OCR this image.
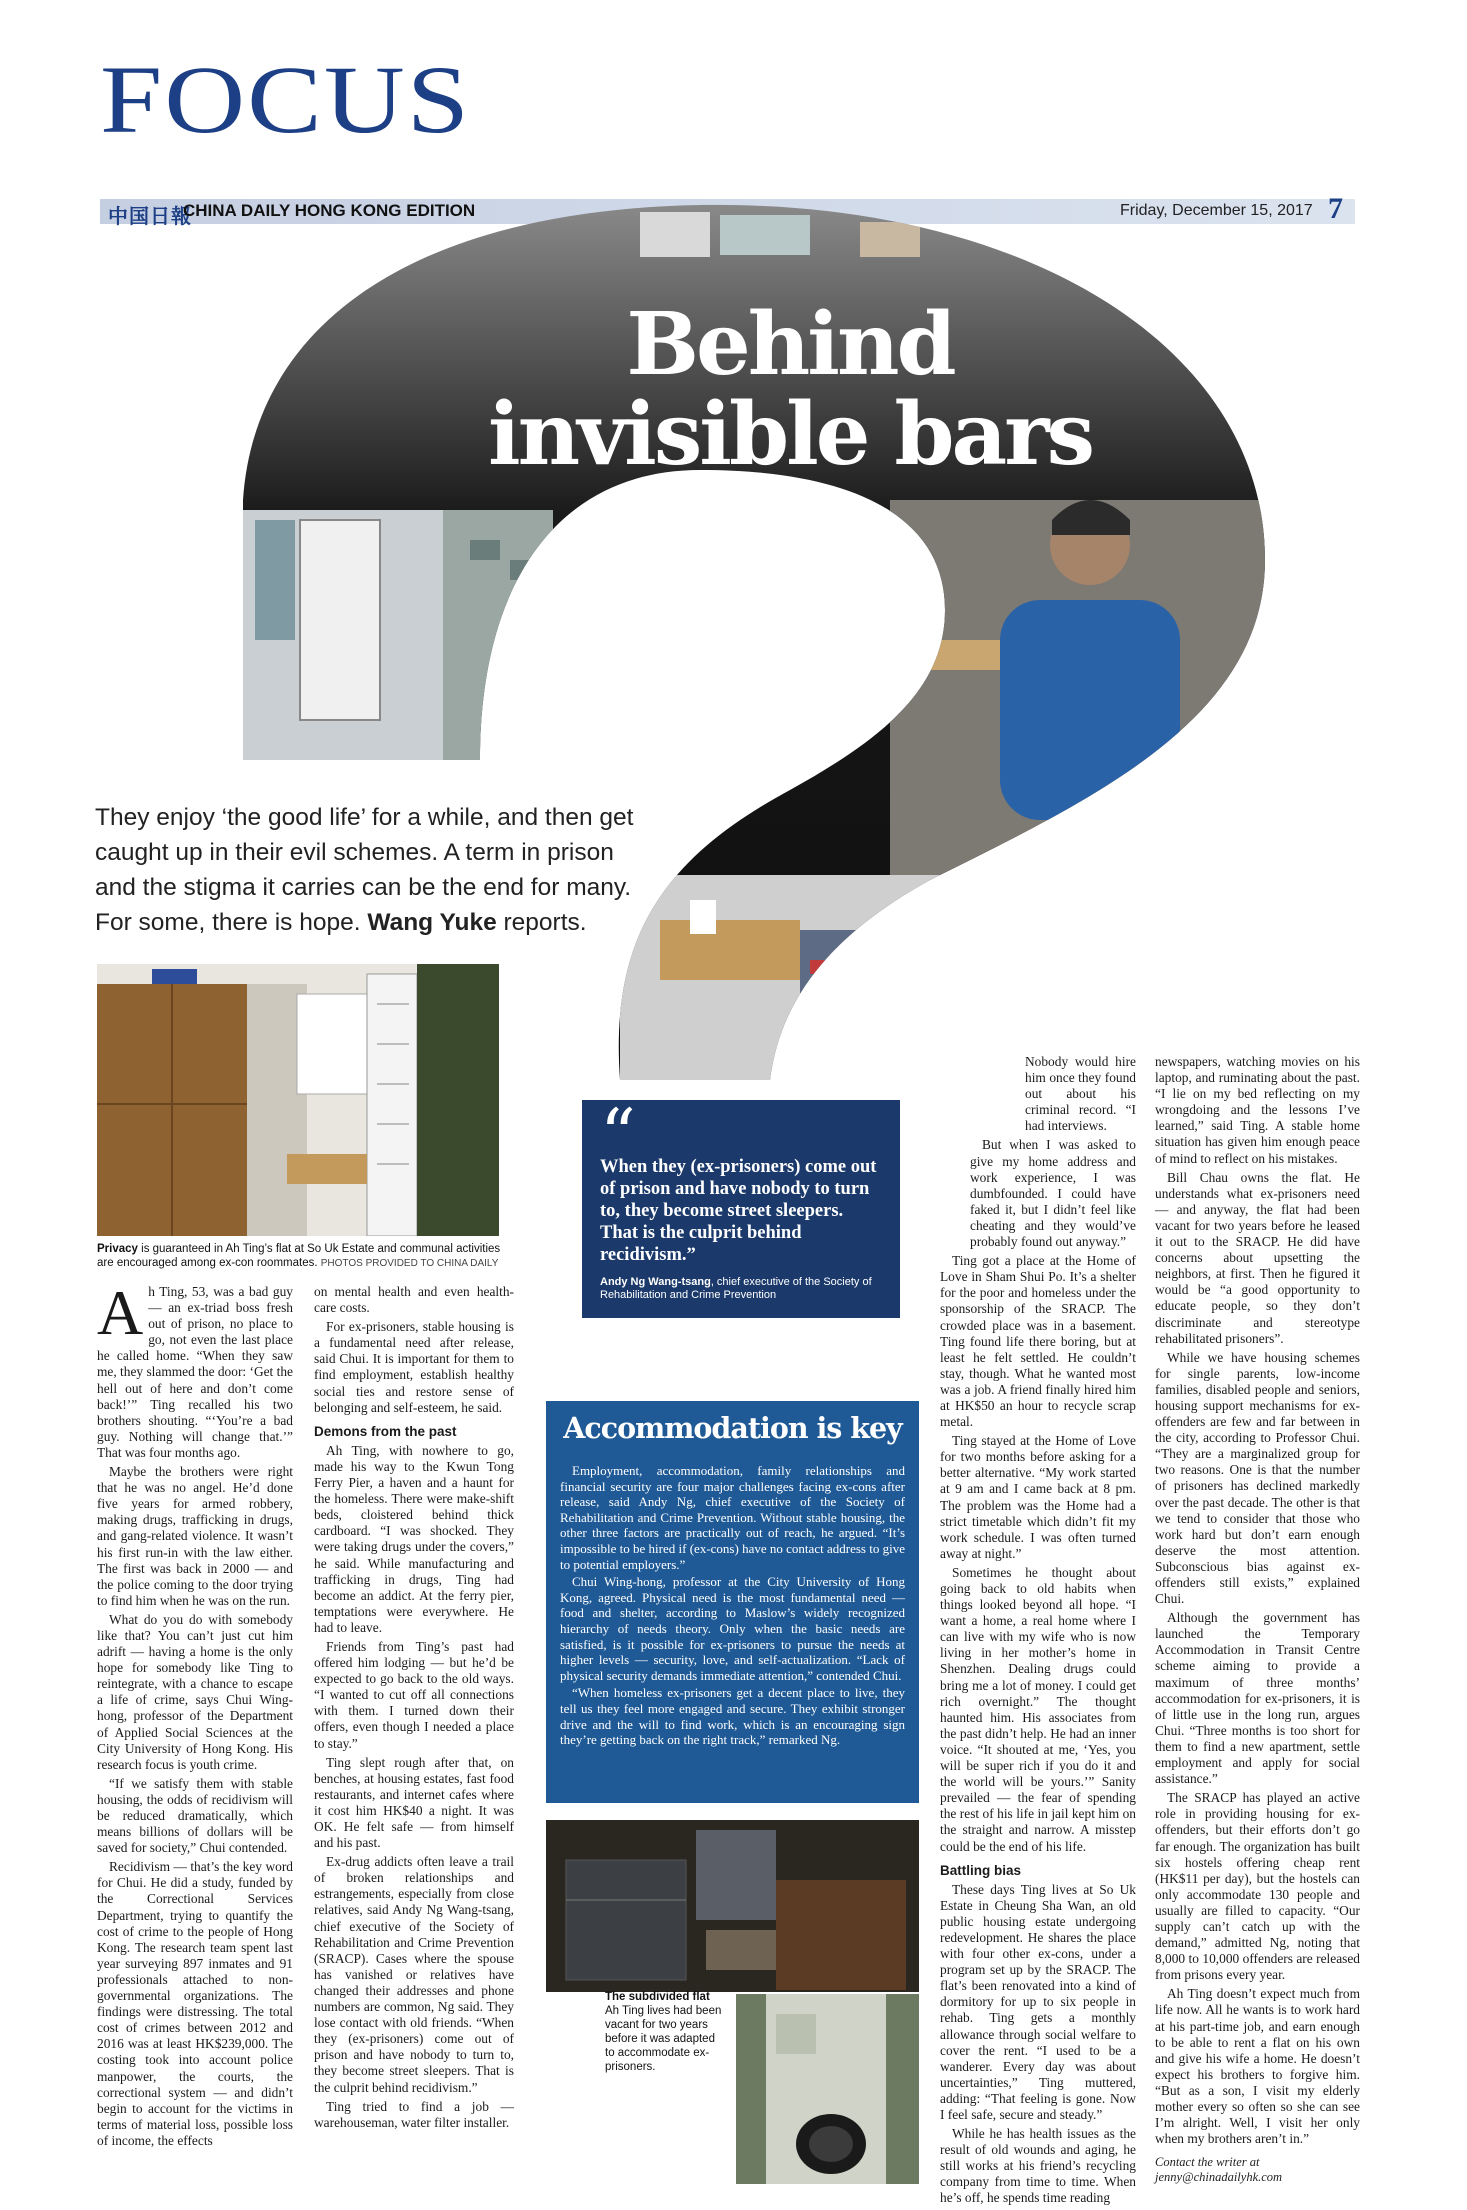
FOCUS
中国日報
CHINA DAILY HONG KONG EDITION	Friday, December 15, 2017 7
Behind
invisible bars
They enjoy ‘the good life’ for a while, and then get caught up in their evil schemes. A term in prison and the stigma it carries can be the end for many. For some, there is hope. Wang Yuke reports.
Privacy is guaranteed in Ah Ting’s flat at So Uk Estate and communal activities are encouraged among ex-con roommates. PHOTOS PROVIDED TO CHINA DAILY
“
When they (ex-prisoners) come out of prison and have nobody to turn to, they become street sleepers. That is the culprit behind recidivism.”
Andy Ng Wang-tsang, chief executive of the Society of Rehabilitation and Crime Prevention

Ah Ting, 53, was a bad guy — an ex-triad boss fresh out of prison, no place to go, not even the last place he called home. “When they saw me, they slammed the door: ‘Get the hell out of here and don’t come back!’” Ting recalled his two brothers shouting. “‘You’re a bad guy. Nothing will change that.’” That was four months ago.

Maybe the brothers were right that he was no angel. He’d done five years for armed robbery, making drugs, trafficking in drugs, and gang-related violence. It wasn’t his first run-in with the law either. The first was back in 2000 — and the police coming to the door trying to find him when he was on the run.

What do you do with somebody like that? You can’t just cut him adrift — having a home is the only hope for somebody like Ting to reintegrate, with a chance to escape a life of crime, says Chui Wing-hong, professor of the Department of Applied Social Sciences at the City University of Hong Kong. His research focus is youth crime.

“If we satisfy them with stable housing, the odds of recidivism will be reduced dramatically, which means billions of dollars will be saved for society,” Chui contended.

Recidivism — that’s the key word for Chui. He did a study, funded by the Correctional Services Department, trying to quantify the cost of crime to the people of Hong Kong. The research team spent last year surveying 897 inmates and 91 professionals attached to non-governmental organizations. The findings were distressing. The total cost of crimes between 2012 and 2016 was at least HK$239,000. The costing took into account police manpower, the courts, the correctional system — and didn’t begin to account for the victims in terms of material loss, possible loss of income, the effects

on mental health and even health-care costs.

For ex-prisoners, stable housing is a fundamental need after release, said Chui. It is important for them to find employment, establish healthy social ties and restore sense of belonging and self-esteem, he said.

Demons from the past

Ah Ting, with nowhere to go, made his way to the Kwun Tong Ferry Pier, a haven and a haunt for the homeless. There were make-shift beds, cloistered behind thick cardboard. “I was shocked. They were taking drugs under the covers,” he said. While manufacturing and trafficking in drugs, Ting had become an addict. At the ferry pier, temptations were everywhere. He had to leave.

Friends from Ting’s past had offered him lodging — but he’d be expected to go back to the old ways. “I wanted to cut off all connections with them. I turned down their offers, even though I needed a place to stay.”

Ting slept rough after that, on benches, at housing estates, fast food restaurants, and internet cafes where it cost him HK$40 a night. It was OK. He felt safe — from himself and his past.

Ex-drug addicts often leave a trail of broken relationships and estrangements, especially from close relatives, said Andy Ng Wang-tsang, chief executive of the Society of Rehabilitation and Crime Prevention (SRACP). Cases where the spouse has vanished or relatives have changed their addresses and phone numbers are common, Ng said. They lose contact with old friends. “When they (ex-prisoners) come out of prison and have nobody to turn to, they become street sleepers. That is the culprit behind recidivism.”

Ting tried to find a job — warehouseman, water filter installer.

Accommodation is key

Employment, accommodation, family relationships and financial security are four major challenges facing ex-cons after release, said Andy Ng, chief executive of the Society of Rehabilitation and Crime Prevention. Without stable housing, the other three factors are practically out of reach, he argued. “It’s impossible to be hired if (ex-cons) have no contact address to give to potential employers.”

Chui Wing-hong, professor at the City University of Hong Kong, agreed. Physical need is the most fundamental need — food and shelter, according to Maslow’s widely recognized hierarchy of needs theory. Only when the basic needs are satisfied, is it possible for ex-prisoners to pursue the needs at higher levels — security, love, and self-actualization. “Lack of physical security demands immediate attention,” contended Chui.

“When homeless ex-prisoners get a decent place to live, they tell us they feel more engaged and secure. They exhibit stronger drive and the will to find work, which is an encouraging sign they’re getting back on the right track,” remarked Ng.

The subdivided flat
Ah Ting lives had been vacant for two years before it was adapted to accommodate ex-prisoners.

Nobody would hire him once they found out about his criminal record. “I had interviews.

But when I was asked to give my home address and work experience, I was dumbfounded. I could have faked it, but I didn’t feel like cheating and they would’ve probably found out anyway.”

Ting got a place at the Home of Love in Sham Shui Po. It’s a shelter for the poor and homeless under the sponsorship of the SRACP. The crowded place was in a basement. Ting found life there boring, but at least he felt settled. He couldn’t stay, though. What he wanted most was a job. A friend finally hired him at HK$50 an hour to recycle scrap metal.

Ting stayed at the Home of Love for two months before asking for a better alternative. “My work started at 9 am and I came back at 8 pm. The problem was the Home had a strict timetable which didn’t fit my work schedule. I was often turned away at night.”

Sometimes he thought about going back to old habits when things looked beyond all hope. “I want a home, a real home where I can live with my wife who is now living in her mother’s home in Shenzhen. Dealing drugs could bring me a lot of money. I could get rich overnight.” The thought haunted him. His associates from the past didn’t help. He had an inner voice. “It shouted at me, ‘Yes, you will be super rich if you do it and the world will be yours.’” Sanity prevailed — the fear of spending the rest of his life in jail kept him on the straight and narrow. A misstep could be the end of his life.

Battling bias

These days Ting lives at So Uk Estate in Cheung Sha Wan, an old public housing estate undergoing redevelopment. He shares the place with four other ex-cons, under a program set up by the SRACP. The flat’s been renovated into a kind of dormitory for up to six people in rehab. Ting gets a monthly allowance through social welfare to cover the rent. “I used to be a wanderer. Every day was about uncertainties,” Ting muttered, adding: “That feeling is gone. Now I feel safe, secure and steady.”

While he has health issues as the result of old wounds and aging, he still works at his friend’s recycling company from time to time. When he’s off, he spends time reading

newspapers, watching movies on his laptop, and ruminating about the past. “I lie on my bed reflecting on my wrongdoing and the lessons I’ve learned,” said Ting. A stable home situation has given him enough peace of mind to reflect on his mistakes.

Bill Chau owns the flat. He understands what ex-prisoners need — and anyway, the flat had been vacant for two years before he leased it out to the SRACP. He did have concerns about upsetting the neighbors, at first. Then he figured it would be “a good opportunity to educate people, so they don’t discriminate and stereotype rehabilitated prisoners”.

While we have housing schemes for single parents, low-income families, disabled people and seniors, housing support mechanisms for ex-offenders are few and far between in the city, according to Professor Chui. “They are a marginalized group for two reasons. One is that the number of prisoners has declined markedly over the past decade. The other is that we tend to consider that those who work hard but don’t earn enough deserve the most attention. Subconscious bias against ex-offenders still exists,” explained Chui.

Although the government has launched the Temporary Accommodation in Transit Centre scheme aiming to provide a maximum of three months’ accommodation for ex-prisoners, it is of little use in the long run, argues Chui. “Three months is too short for them to find a new apartment, settle employment and apply for social assistance.”

The SRACP has played an active role in providing housing for ex-offenders, but their efforts don’t go far enough. The organization has built six hostels offering cheap rent (HK$11 per day), but the hostels can only accommodate 130 people and usually are filled to capacity. “Our supply can’t catch up with the demand,” admitted Ng, noting that 8,000 to 10,000 offenders are released from prisons every year.

Ah Ting doesn’t expect much from life now. All he wants is to work hard at his part-time job, and earn enough to be able to rent a flat on his own and give his wife a home. He doesn’t expect his brothers to forgive him. “But as a son, I visit my elderly mother every so often so she can see I’m alright. Well, I visit her only when my brothers aren’t in.”

Contact the writer at
jenny@chinadailyhk.com
